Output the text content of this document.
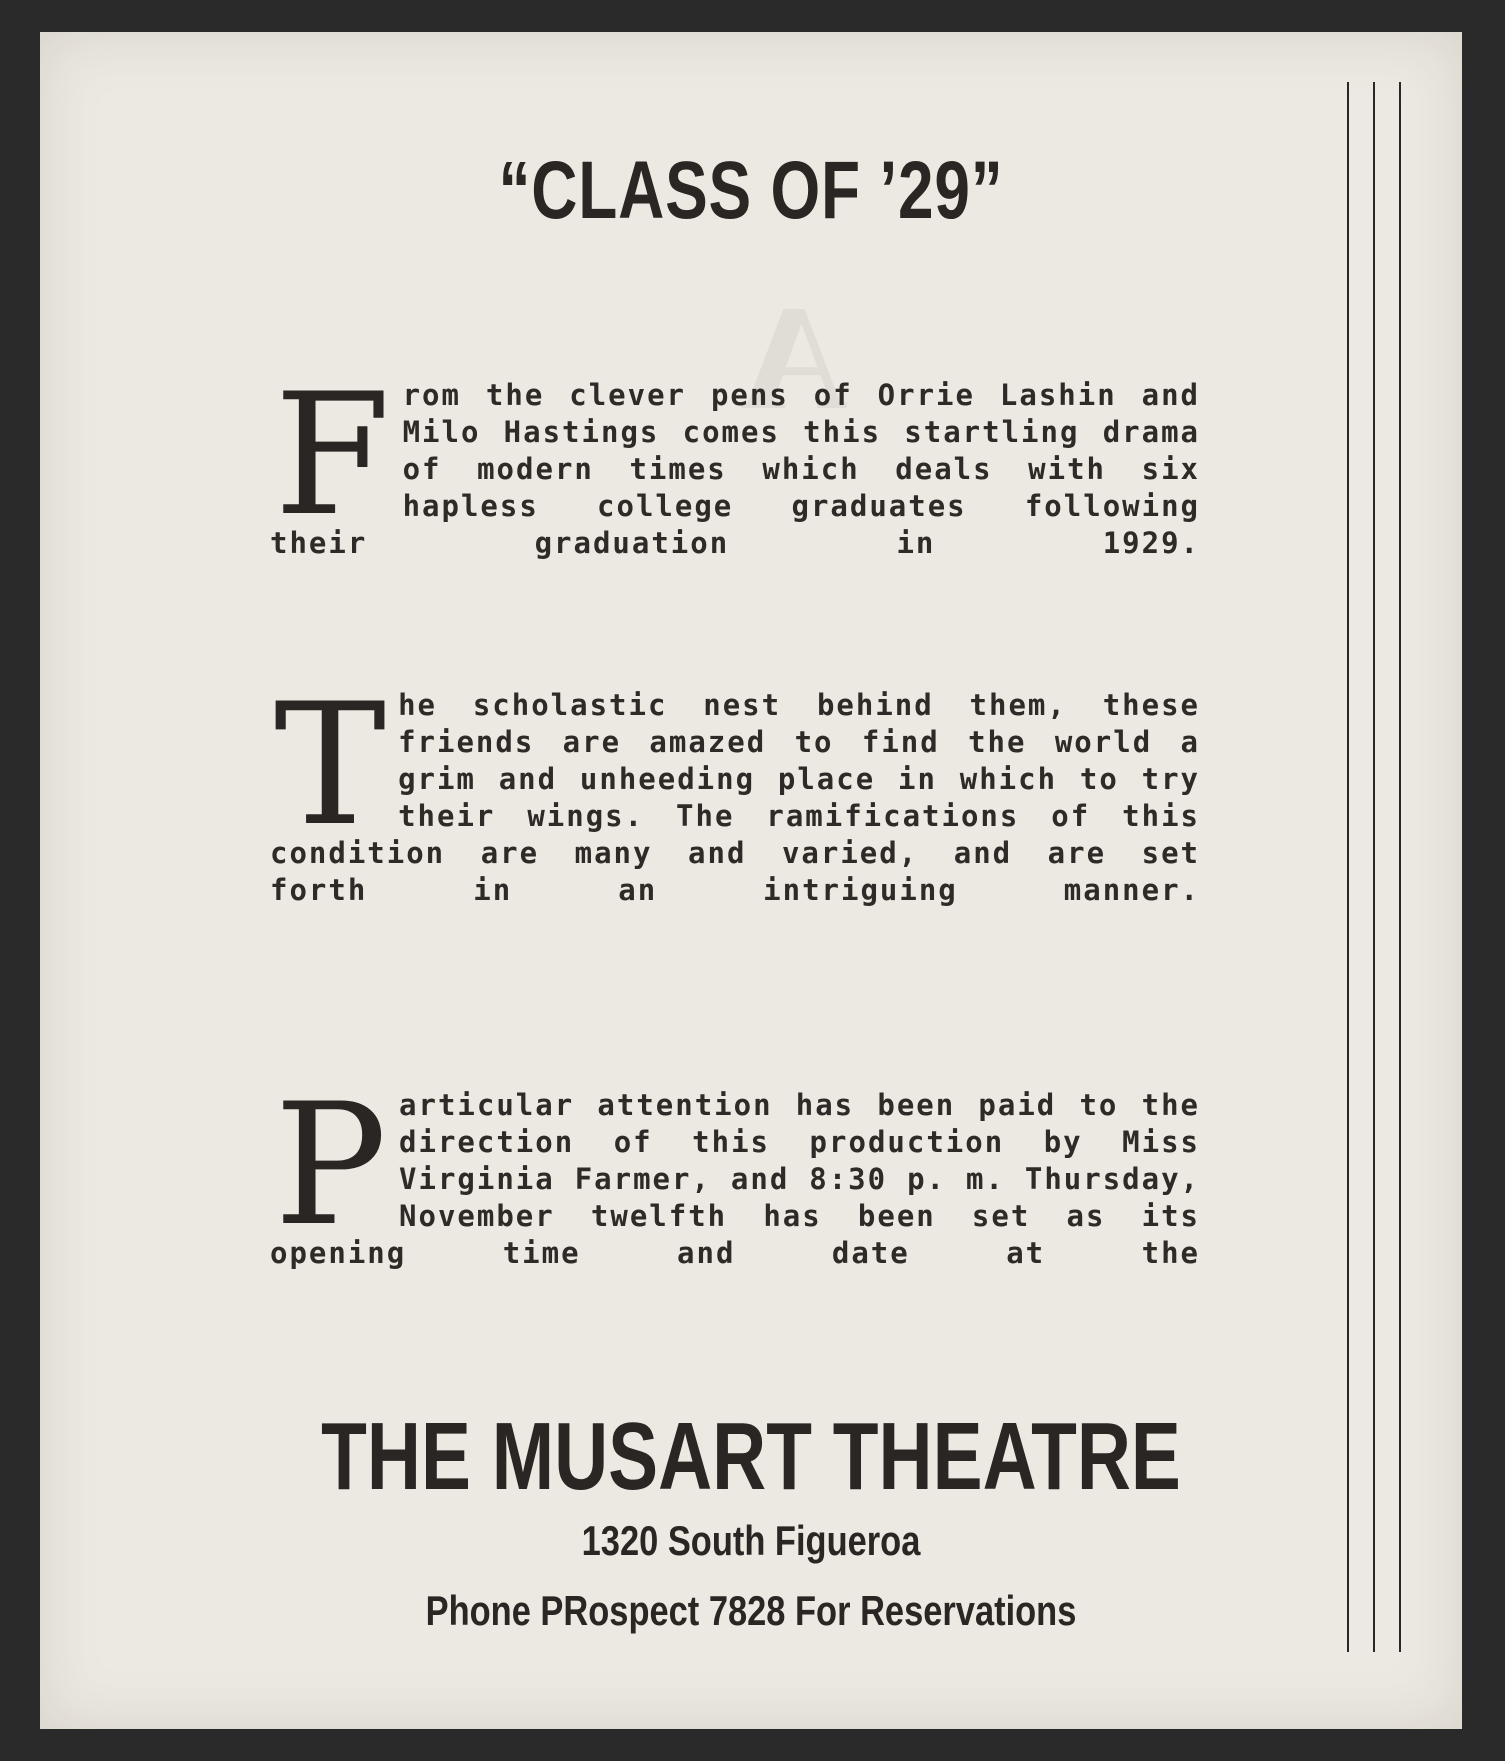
A

“CLASS OF ’29”
F rom the clever pens of Orrie Lashin and Milo Hastings comes this startling drama of modern times which deals with six hapless college graduates following their graduation in 1929.

T he scholastic nest behind them, these friends are amazed to find the world a grim and unheeding place in which to try their wings. The ramifications of this condition are many and varied, and are set forth in an intriguing manner.

P articular attention has been paid to the direction of this production by Miss Virginia Farmer, and 8:30 p. m. Thursday, November twelfth has been set as its opening time and date at the

THE MUSART THEATRE
1320 South Figueroa
Phone PRospect 7828 For Reservations
